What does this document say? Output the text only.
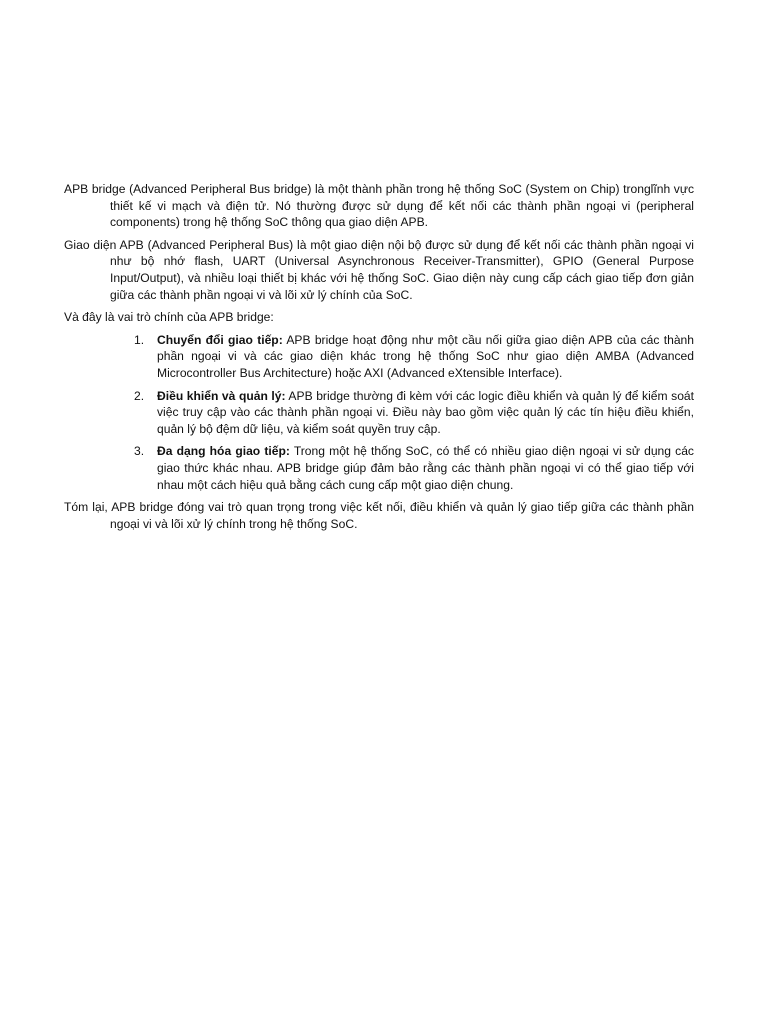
APB bridge (Advanced Peripheral Bus bridge) là một thành phần trong hệ thống SoC (System on Chip) tronglĩnh vực thiết kế vi mạch và điện tử. Nó thường được sử dụng để kết nối các thành phần ngoại vi (peripheral components) trong hệ thống SoC thông qua giao diện APB.

Giao diện APB (Advanced Peripheral Bus) là một giao diện nội bộ được sử dụng để kết nối các thành phần ngoại vi như bộ nhớ flash, UART (Universal Asynchronous Receiver-Transmitter), GPIO (General Purpose Input/Output), và nhiều loại thiết bị khác với hệ thống SoC. Giao diện này cung cấp cách giao tiếp đơn giản giữa các thành phần ngoại vi và lõi xử lý chính của SoC.

Và đây là vai trò chính của APB bridge:

1. Chuyển đổi giao tiếp: APB bridge hoạt động như một cầu nối giữa giao diện APB của các thành phần ngoại vi và các giao diện khác trong hệ thống SoC như giao diện AMBA (Advanced Microcontroller Bus Architecture) hoặc AXI (Advanced eXtensible Interface).
2. Điều khiển và quản lý: APB bridge thường đi kèm với các logic điều khiển và quản lý để kiểm soát việc truy cập vào các thành phần ngoại vi. Điều này bao gồm việc quản lý các tín hiệu điều khiển, quản lý bộ đệm dữ liệu, và kiểm soát quyền truy cập.
3. Đa dạng hóa giao tiếp: Trong một hệ thống SoC, có thể có nhiều giao diện ngoại vi sử dụng các giao thức khác nhau. APB bridge giúp đảm bảo rằng các thành phần ngoại vi có thể giao tiếp với nhau một cách hiệu quả bằng cách cung cấp một giao diện chung.

Tóm lại, APB bridge đóng vai trò quan trọng trong việc kết nối, điều khiển và quản lý giao tiếp giữa các thành phần ngoại vi và lõi xử lý chính trong hệ thống SoC.
